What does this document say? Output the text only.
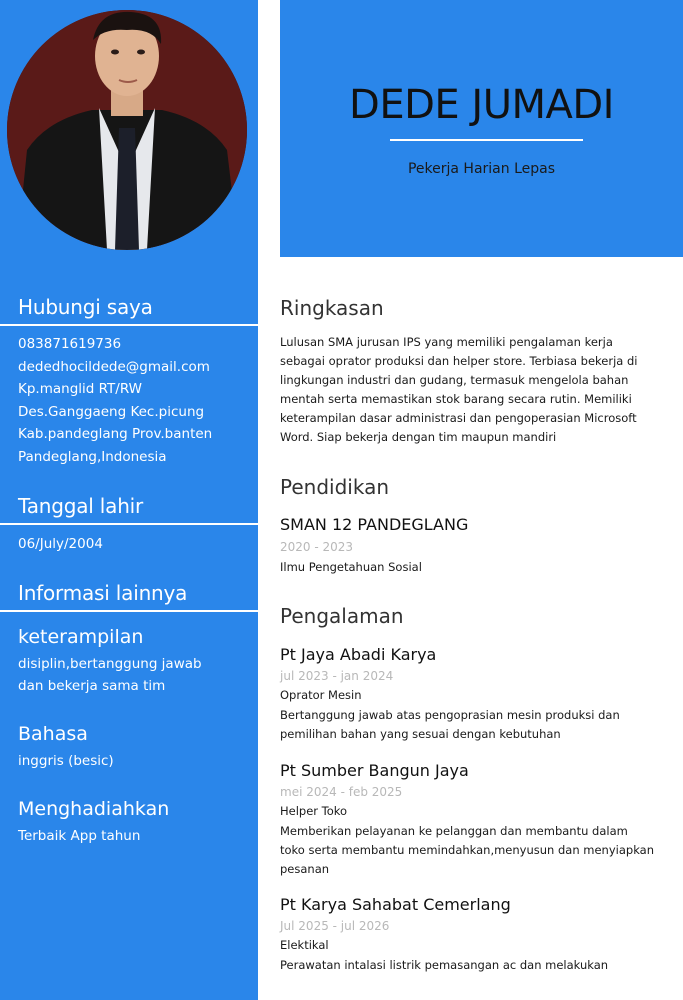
Hubungi saya
083871619736
dededhocildede@gmail.com
Kp.manglid RT/RW
Des.Ganggaeng Kec.picung
Kab.pandeglang Prov.banten
Pandeglang,Indonesia
Tanggal lahir
06/July/2004
Informasi lainnya
keterampilan
disiplin,bertanggung jawab
dan bekerja sama tim
Bahasa
inggris (besic)
Menghadiahkan
Terbaik App tahun
DEDE JUMADI
Pekerja Harian Lepas
Ringkasan
Lulusan SMA jurusan IPS yang memiliki pengalaman kerja
sebagai oprator produksi dan helper store. Terbiasa bekerja di
lingkungan industri dan gudang, termasuk mengelola bahan
mentah serta memastikan stok barang secara rutin. Memiliki
keterampilan dasar administrasi dan pengoperasian Microsoft
Word. Siap bekerja dengan tim maupun mandiri
Pendidikan
SMAN 12 PANDEGLANG
2020 - 2023
Ilmu Pengetahuan Sosial
Pengalaman
Pt Jaya Abadi Karya
jul 2023 - jan 2024
Oprator Mesin
Bertanggung jawab atas pengoprasian mesin produksi dan
pemilihan bahan yang sesuai dengan kebutuhan
Pt Sumber Bangun Jaya
mei 2024 - feb 2025
Helper Toko
Memberikan pelayanan ke pelanggan dan membantu dalam
toko serta membantu memindahkan,menyusun dan menyiapkan
pesanan
Pt Karya Sahabat Cemerlang
Jul 2025 - jul 2026
Elektikal
Perawatan intalasi listrik pemasangan ac dan melakukan
